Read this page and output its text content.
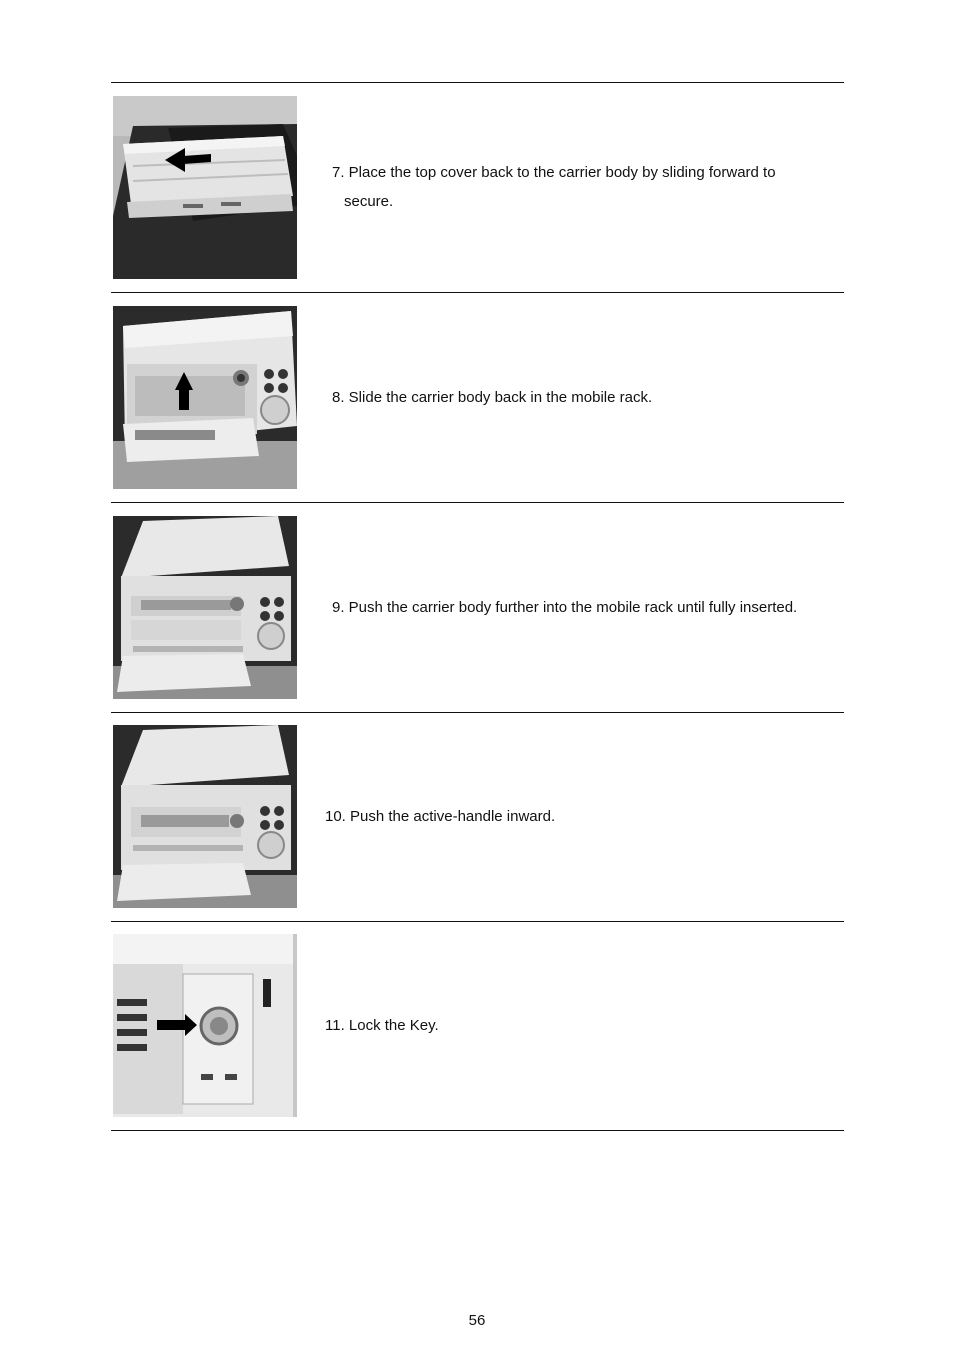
7. Place the top cover back to the carrier body by sliding forward to
secure.
8. Slide the carrier body back in the mobile rack.
9. Push the carrier body further into the mobile rack until fully inserted.
10. Push the active-handle inward.
11. Lock the Key.
56
